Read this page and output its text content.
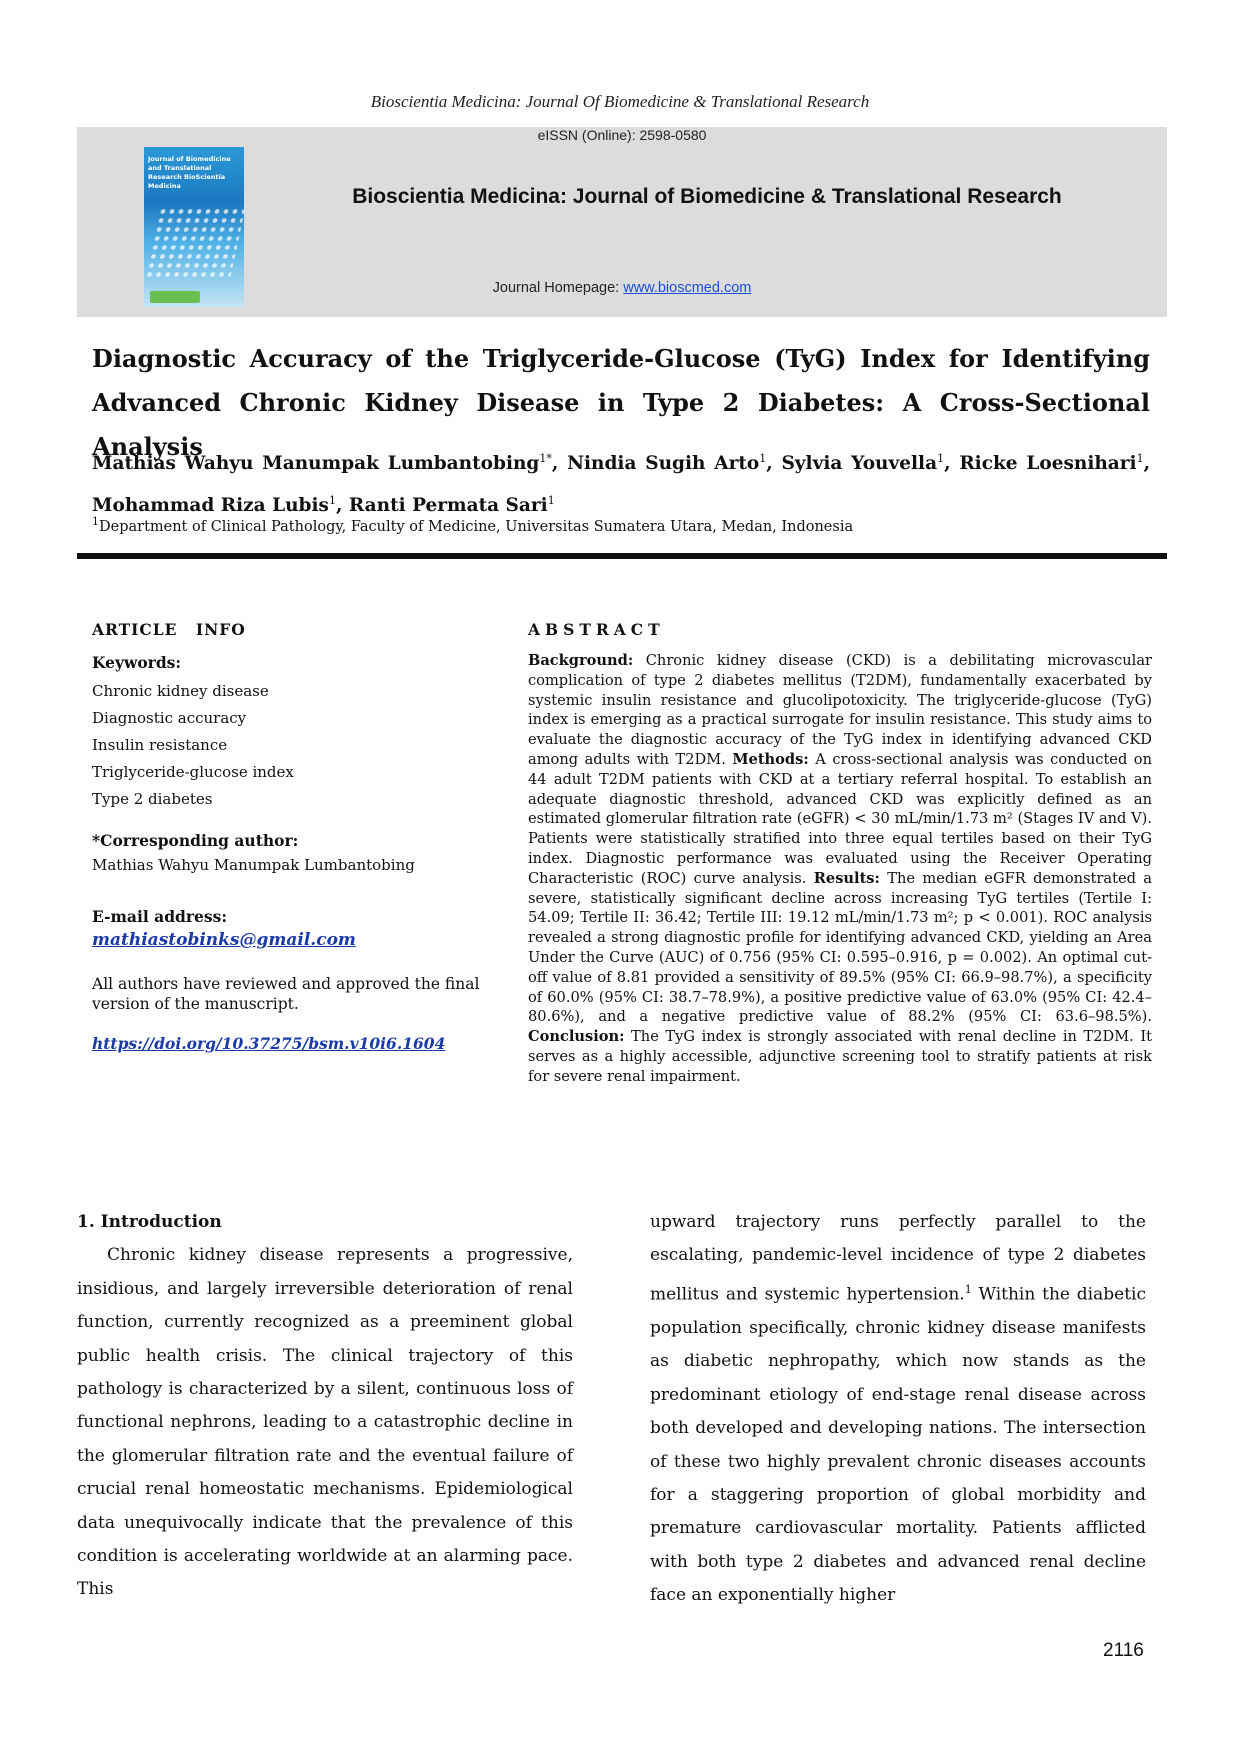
Bioscientia Medicina: Journal Of Biomedicine & Translational Research
Journal of Biomedicine and Translational Research BioScientia Medicina
eISSN (Online): 2598-0580
Bioscientia Medicina: Journal of Biomedicine & Translational Research
Journal Homepage: www.bioscmed.com
Diagnostic Accuracy of the Triglyceride-Glucose (TyG) Index for Identifying Advanced Chronic Kidney Disease in Type 2 Diabetes: A Cross-Sectional Analysis
Mathias Wahyu Manumpak Lumbantobing$^{1*}$, Nindia Sugih Arto$^1$, Sylvia Youvella$^1$, Ricke Loesnihari$^1$, Mohammad Riza Lubis$^1$, Ranti Permata Sari$^1$
$^1$Department of Clinical Pathology, Faculty of Medicine, Universitas Sumatera Utara, Medan, Indonesia
ARTICLE INFO
Keywords:
Chronic kidney disease
Diagnostic accuracy
Insulin resistance
Triglyceride-glucose index
Type 2 diabetes
*Corresponding author:
Mathias Wahyu Manumpak Lumbantobing
E-mail address:
mathiastobinks@gmail.com
All authors have reviewed and approved the final version of the manuscript.
https://doi.org/10.37275/bsm.v10i6.1604
ABSTRACT
Background: Chronic kidney disease (CKD) is a debilitating microvascular complication of type 2 diabetes mellitus (T2DM), fundamentally exacerbated by systemic insulin resistance and glucolipotoxicity. The triglyceride-glucose (TyG) index is emerging as a practical surrogate for insulin resistance. This study aims to evaluate the diagnostic accuracy of the TyG index in identifying advanced CKD among adults with T2DM. Methods: A cross-sectional analysis was conducted on 44 adult T2DM patients with CKD at a tertiary referral hospital. To establish an adequate diagnostic threshold, advanced CKD was explicitly defined as an estimated glomerular filtration rate (eGFR) < 30 mL/min/1.73 m² (Stages IV and V). Patients were statistically stratified into three equal tertiles based on their TyG index. Diagnostic performance was evaluated using the Receiver Operating Characteristic (ROC) curve analysis. Results: The median eGFR demonstrated a severe, statistically significant decline across increasing TyG tertiles (Tertile I: 54.09; Tertile II: 36.42; Tertile III: 19.12 mL/min/1.73 m²; p < 0.001). ROC analysis revealed a strong diagnostic profile for identifying advanced CKD, yielding an Area Under the Curve (AUC) of 0.756 (95% CI: 0.595–0.916, p = 0.002). An optimal cut-off value of 8.81 provided a sensitivity of 89.5% (95% CI: 66.9–98.7%), a specificity of 60.0% (95% CI: 38.7–78.9%), a positive predictive value of 63.0% (95% CI: 42.4–80.6%), and a negative predictive value of 88.2% (95% CI: 63.6–98.5%). Conclusion: The TyG index is strongly associated with renal decline in T2DM. It serves as a highly accessible, adjunctive screening tool to stratify patients at risk for severe renal impairment.
1. Introduction
Chronic kidney disease represents a progressive, insidious, and largely irreversible deterioration of renal function, currently recognized as a preeminent global public health crisis. The clinical trajectory of this pathology is characterized by a silent, continuous loss of functional nephrons, leading to a catastrophic decline in the glomerular filtration rate and the eventual failure of crucial renal homeostatic mechanisms. Epidemiological data unequivocally indicate that the prevalence of this condition is accelerating worldwide at an alarming pace. This
upward trajectory runs perfectly parallel to the escalating, pandemic-level incidence of type 2 diabetes mellitus and systemic hypertension.$^1$ Within the diabetic population specifically, chronic kidney disease manifests as diabetic nephropathy, which now stands as the predominant etiology of end-stage renal disease across both developed and developing nations. The intersection of these two highly prevalent chronic diseases accounts for a staggering proportion of global morbidity and premature cardiovascular mortality. Patients afflicted with both type 2 diabetes and advanced renal decline face an exponentially higher
2116
